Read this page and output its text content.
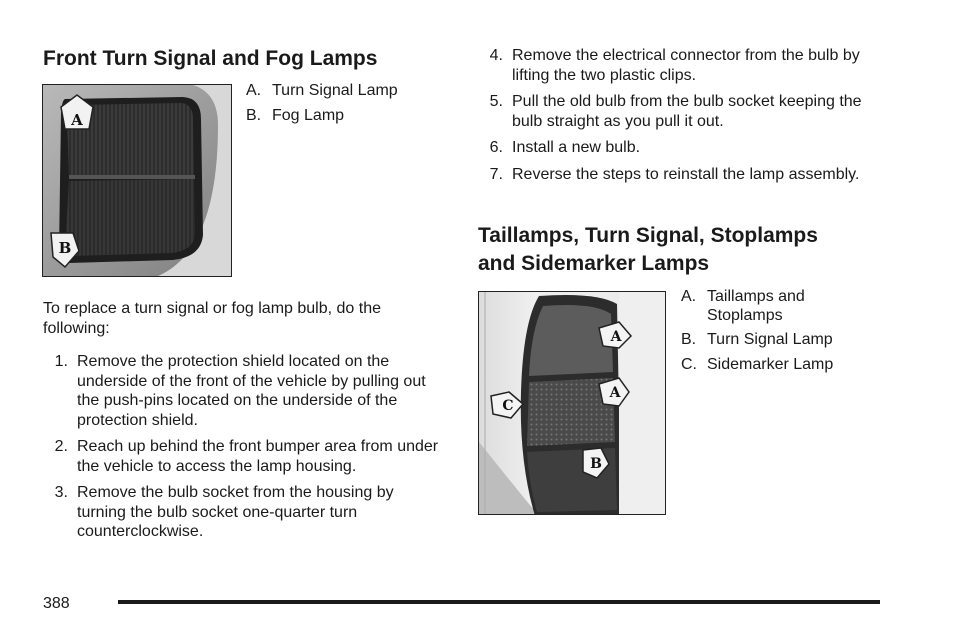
Front Turn Signal and Fog Lamps
A
B
A. Turn Signal Lamp
B. Fog Lamp

To replace a turn signal or fog lamp bulb, do the following:

1. Remove the protection shield located on the underside of the front of the vehicle by pulling out the push-pins located on the underside of the protection shield.
2. Reach up behind the front bumper area from under the vehicle to access the lamp housing.
3. Remove the bulb socket from the housing by turning the bulb socket one-quarter turn counterclockwise.
4. Remove the electrical connector from the bulb by lifting the two plastic clips.
5. Pull the old bulb from the bulb socket keeping the bulb straight as you pull it out.
6. Install a new bulb.
7. Reverse the steps to reinstall the lamp assembly.
Taillamps, Turn Signal, Stoplamps
and Sidemarker Lamps
A
A
C
B
A. Taillamps and Stoplamps
B. Turn Signal Lamp
C. Sidemarker Lamp
388
